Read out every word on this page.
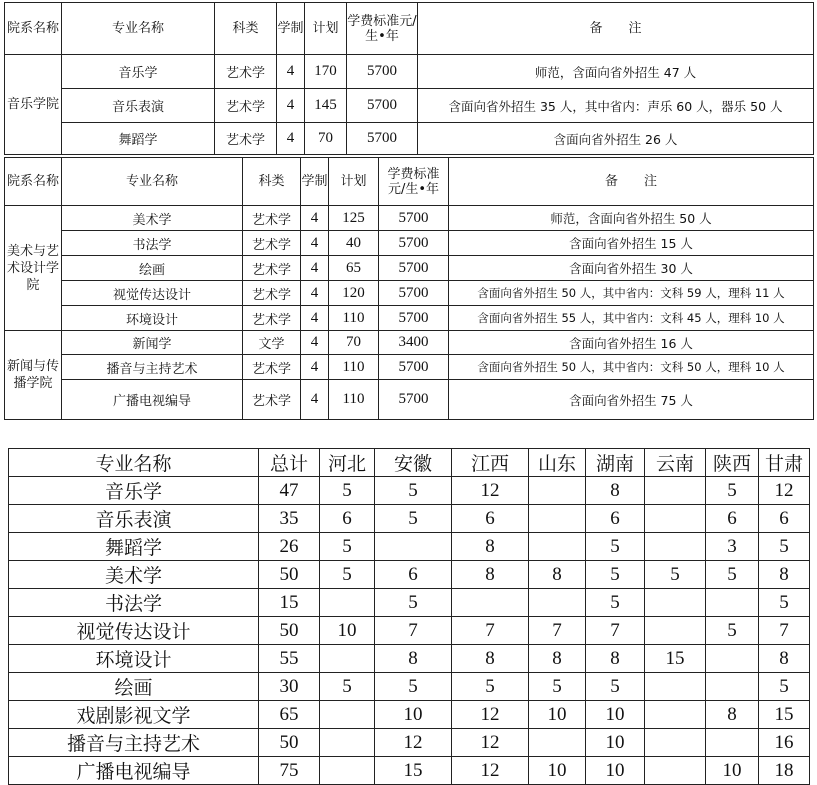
院系名称	专业名称	科类	学制	计划	学费标准元/生•年	备　　注
音乐学院	音乐学	艺术学	4	170	5700	师范，含面向省外招生 47 人
	音乐表演	艺术学	4	145	5700	含面向省外招生 35 人，其中省内：声乐 60 人，器乐 50 人
	舞蹈学	艺术学	4	70	5700	含面向省外招生 26 人
院系名称	专业名称	科类	学制	计划	学费标准元/生•年	备　　注
美术与艺术设计学院	美术学	艺术学	4	125	5700	师范，含面向省外招生 50 人
	书法学	艺术学	4	40	5700	含面向省外招生 15 人
	绘画	艺术学	4	65	5700	含面向省外招生 30 人
	视觉传达设计	艺术学	4	120	5700	含面向省外招生 50 人，其中省内：文科 59 人，理科 11 人
	环境设计	艺术学	4	110	5700	含面向省外招生 55 人，其中省内：文科 45 人，理科 10 人
新闻与传播学院	新闻学	文学	4	70	3400	含面向省外招生 16 人
	播音与主持艺术	艺术学	4	110	5700	含面向省外招生 50 人，其中省内：文科 50 人，理科 10 人
	广播电视编导	艺术学	4	110	5700	含面向省外招生 75 人
专业名称	总计	河北	安徽	江西	山东	湖南	云南	陕西	甘肃
音乐学	47	5	5	12		8		5	12
音乐表演	35	6	5	6		6		6	6
舞蹈学	26	5		8		5		3	5
美术学	50	5	6	8	8	5	5	5	8
书法学	15		5			5			5
视觉传达设计	50	10	7	7	7	7		5	7
环境设计	55		8	8	8	8	15		8
绘画	30	5	5	5	5	5			5
戏剧影视文学	65		10	12	10	10		8	15
播音与主持艺术	50		12	12		10			16
广播电视编导	75		15	12	10	10		10	18
